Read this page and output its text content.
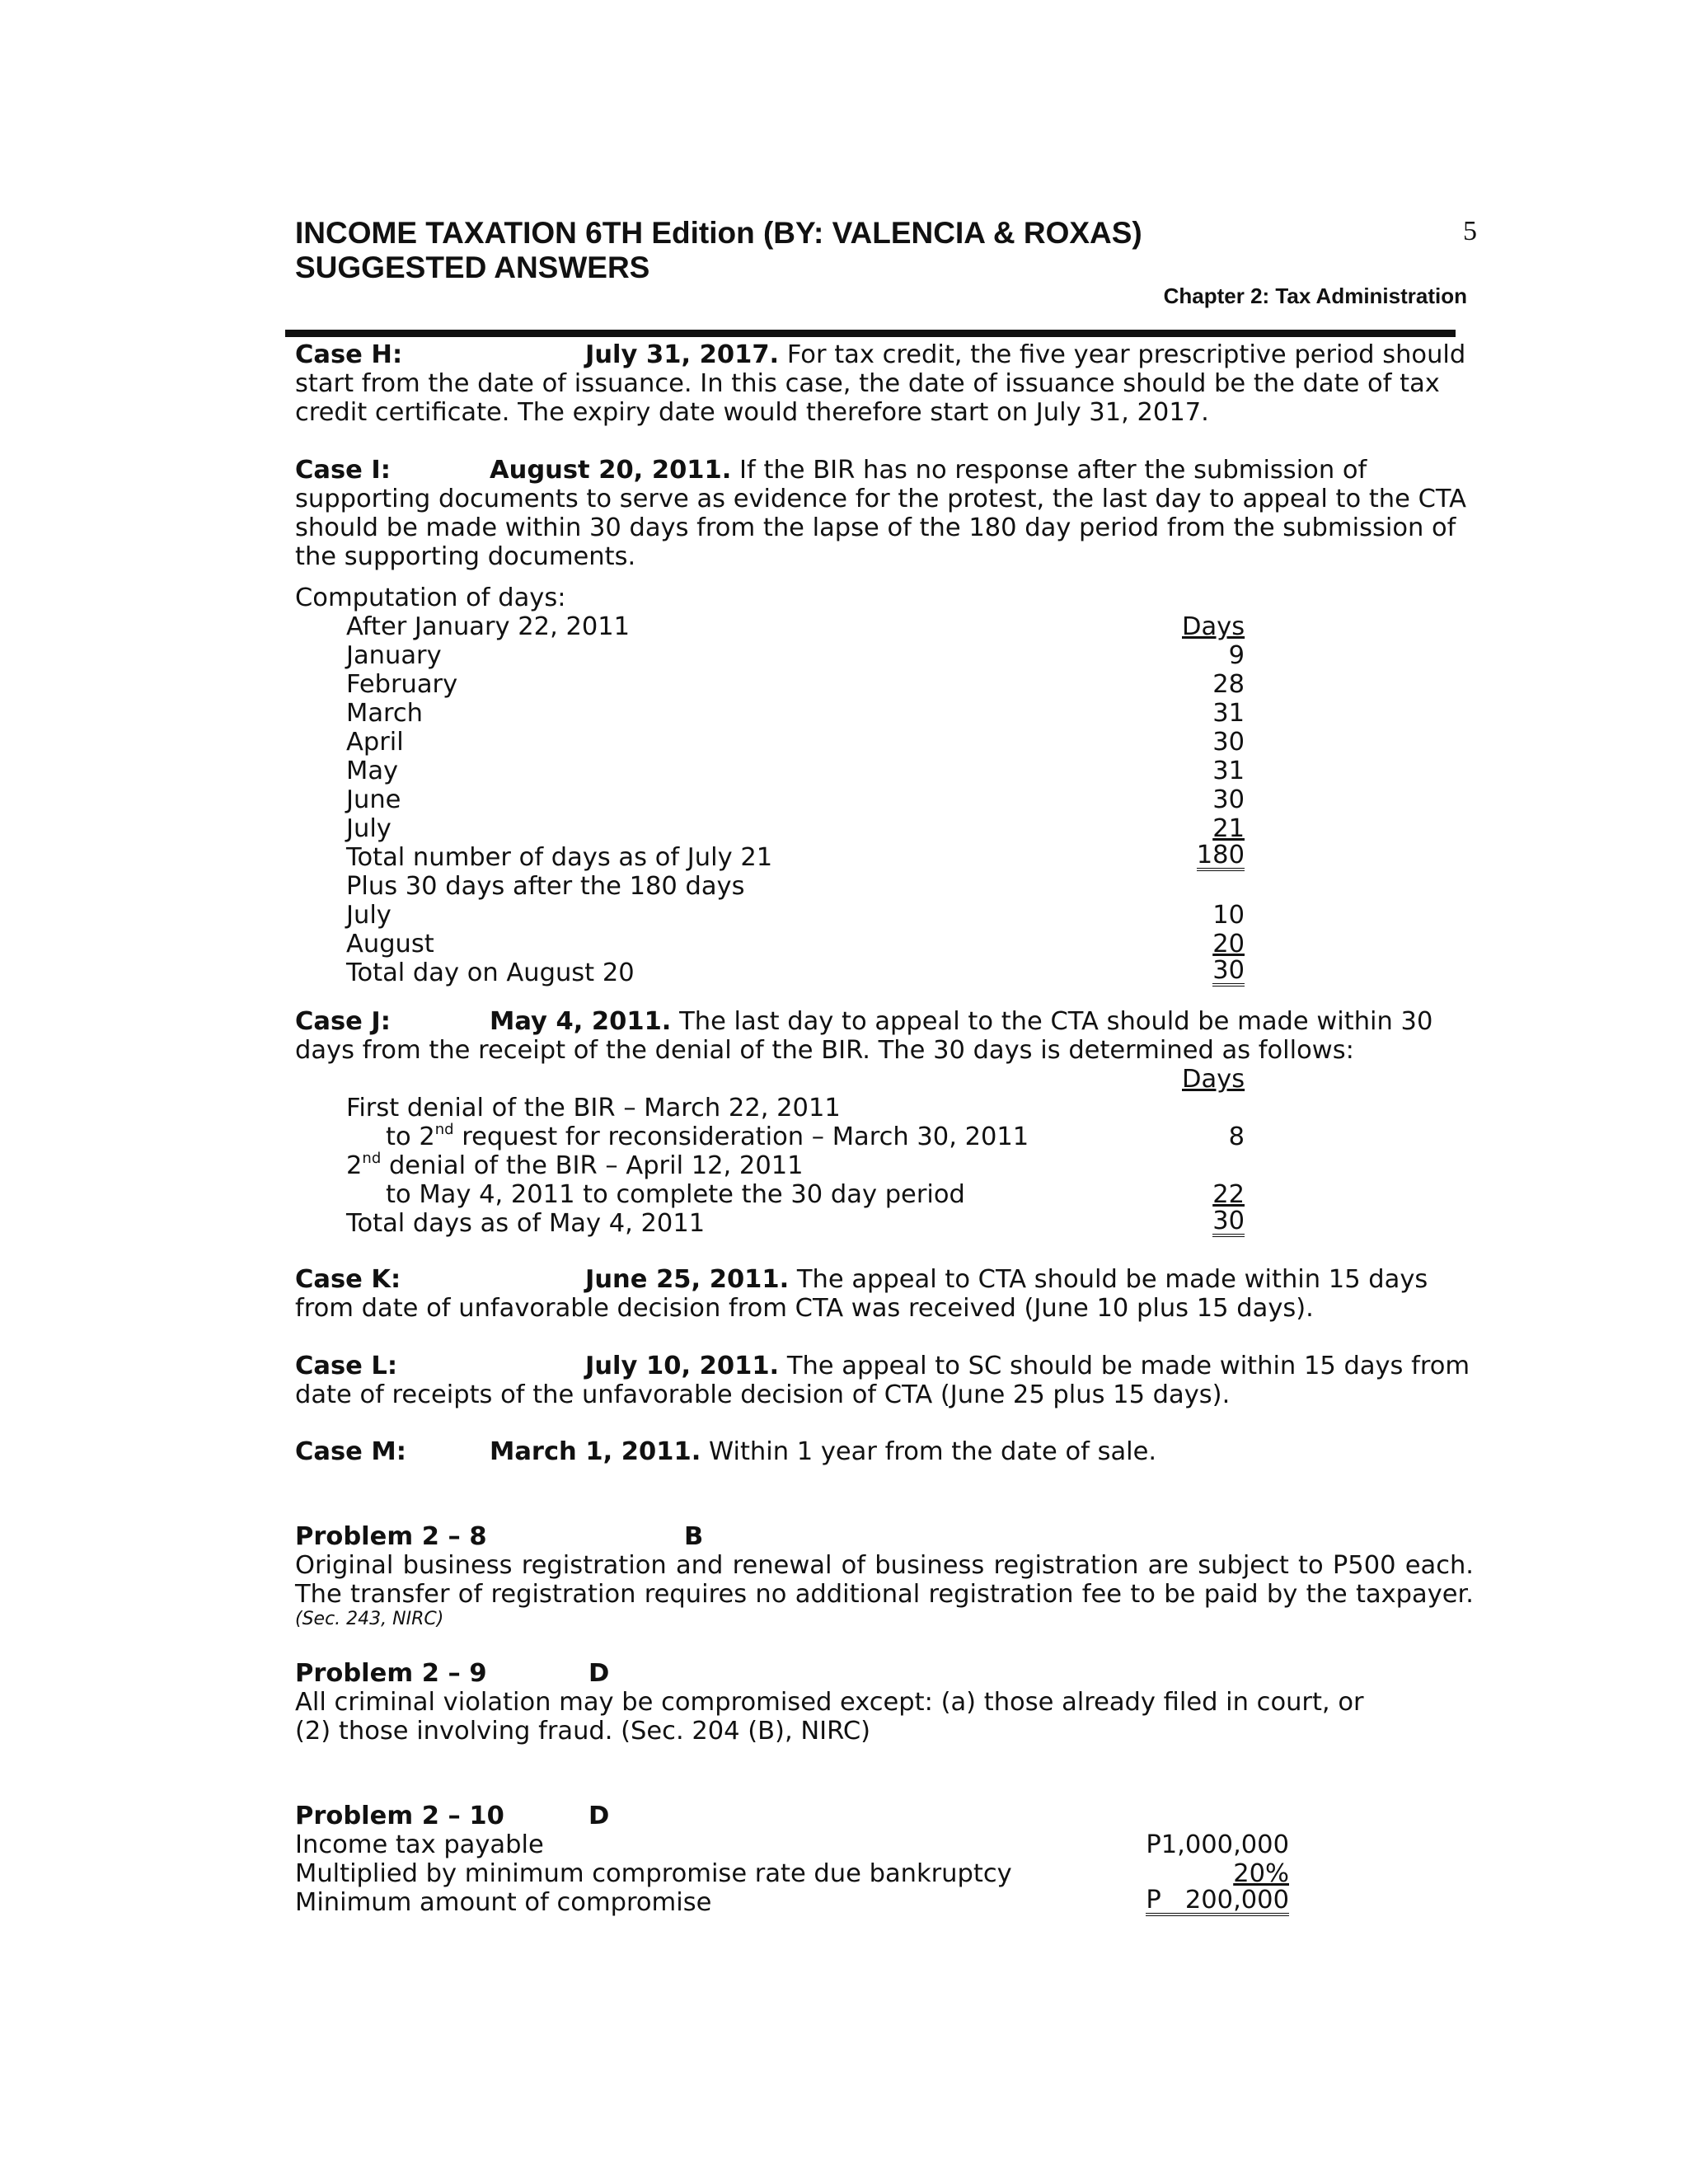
INCOME TAXATION 6TH Edition (BY: VALENCIA & ROXAS)
SUGGESTED ANSWERS
5
Chapter 2: Tax Administration
Case H:	July 31, 2017. For tax credit, the five year prescriptive period should start from the date of issuance. In this case, the date of issuance should be the date of tax credit certificate. The expiry date would therefore start on July 31, 2017.
Case I:	August 20, 2011. If the BIR has no response after the submission of supporting documents to serve as evidence for the protest, the last day to appeal to the CTA should be made within 30 days from the lapse of the 180 day period from the submission of the supporting documents.
Computation of days:
After January 22, 2011	Days
January	9
February	28
March	31
April	30
May	31
June	30
July	21
Total number of days as of July 21	180
Plus 30 days after the 180 days
July	10
August	20
Total day on August 20	30
Case J:	May 4, 2011. The last day to appeal to the CTA should be made within 30 days from the receipt of the denial of the BIR. The 30 days is determined as follows:
Days
First denial of the BIR – March 22, 2011
to 2nd request for reconsideration – March 30, 2011	8
2nd denial of the BIR – April 12, 2011
to May 4, 2011 to complete the 30 day period	22
Total days as of May 4, 2011	30
Case K:	June 25, 2011. The appeal to CTA should be made within 15 days from date of unfavorable decision from CTA was received (June 10 plus 15 days).
Case L:	July 10, 2011. The appeal to SC should be made within 15 days from date of receipts of the unfavorable decision of CTA (June 25 plus 15 days).
Case M:	March 1, 2011. Within 1 year from the date of sale.
Problem 2 – 8	B
Original business registration and renewal of business registration are subject to P500 each.
The transfer of registration requires no additional registration fee to be paid by the taxpayer.
(Sec. 243, NIRC)
Problem 2 – 9	D
All criminal violation may be compromised except: (a) those already filed in court, or (2) those involving fraud. (Sec. 204 (B), NIRC)
Problem 2 – 10	D
Income tax payable	P1,000,000
Multiplied by minimum compromise rate due bankruptcy	20%
Minimum amount of compromise	P   200,000
